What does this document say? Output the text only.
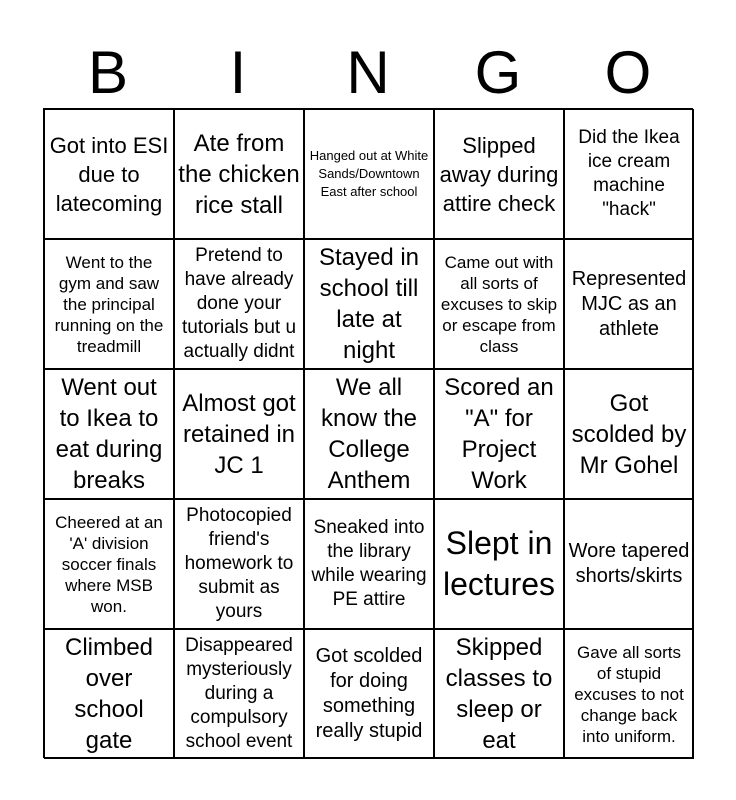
B	I	N	G	O
Got into ESI due to latecoming
Ate from the chicken rice stall
Hanged out at White Sands/Downtown East after school
Slipped away during attire check
Did the Ikea ice cream machine "hack"
Went to the gym and saw the principal running on the treadmill
Pretend to have already done your tutorials but u actually didnt
Stayed in school till late at night
Came out with all sorts of excuses to skip or escape from class
Represented MJC as an athlete
Went out to Ikea to eat during breaks
Almost got retained in JC 1
We all know the College Anthem
Scored an "A" for Project Work
Got scolded by Mr Gohel
Cheered at an 'A' division soccer finals where MSB won.
Photocopied friend's homework to submit as yours
Sneaked into the library while wearing PE attire
Slept in lectures
Wore tapered shorts/skirts
Climbed over school gate
Disappeared mysteriously during a compulsory school event
Got scolded for doing something really stupid
Skipped classes to sleep or eat
Gave all sorts of stupid excuses to not change back into uniform.
